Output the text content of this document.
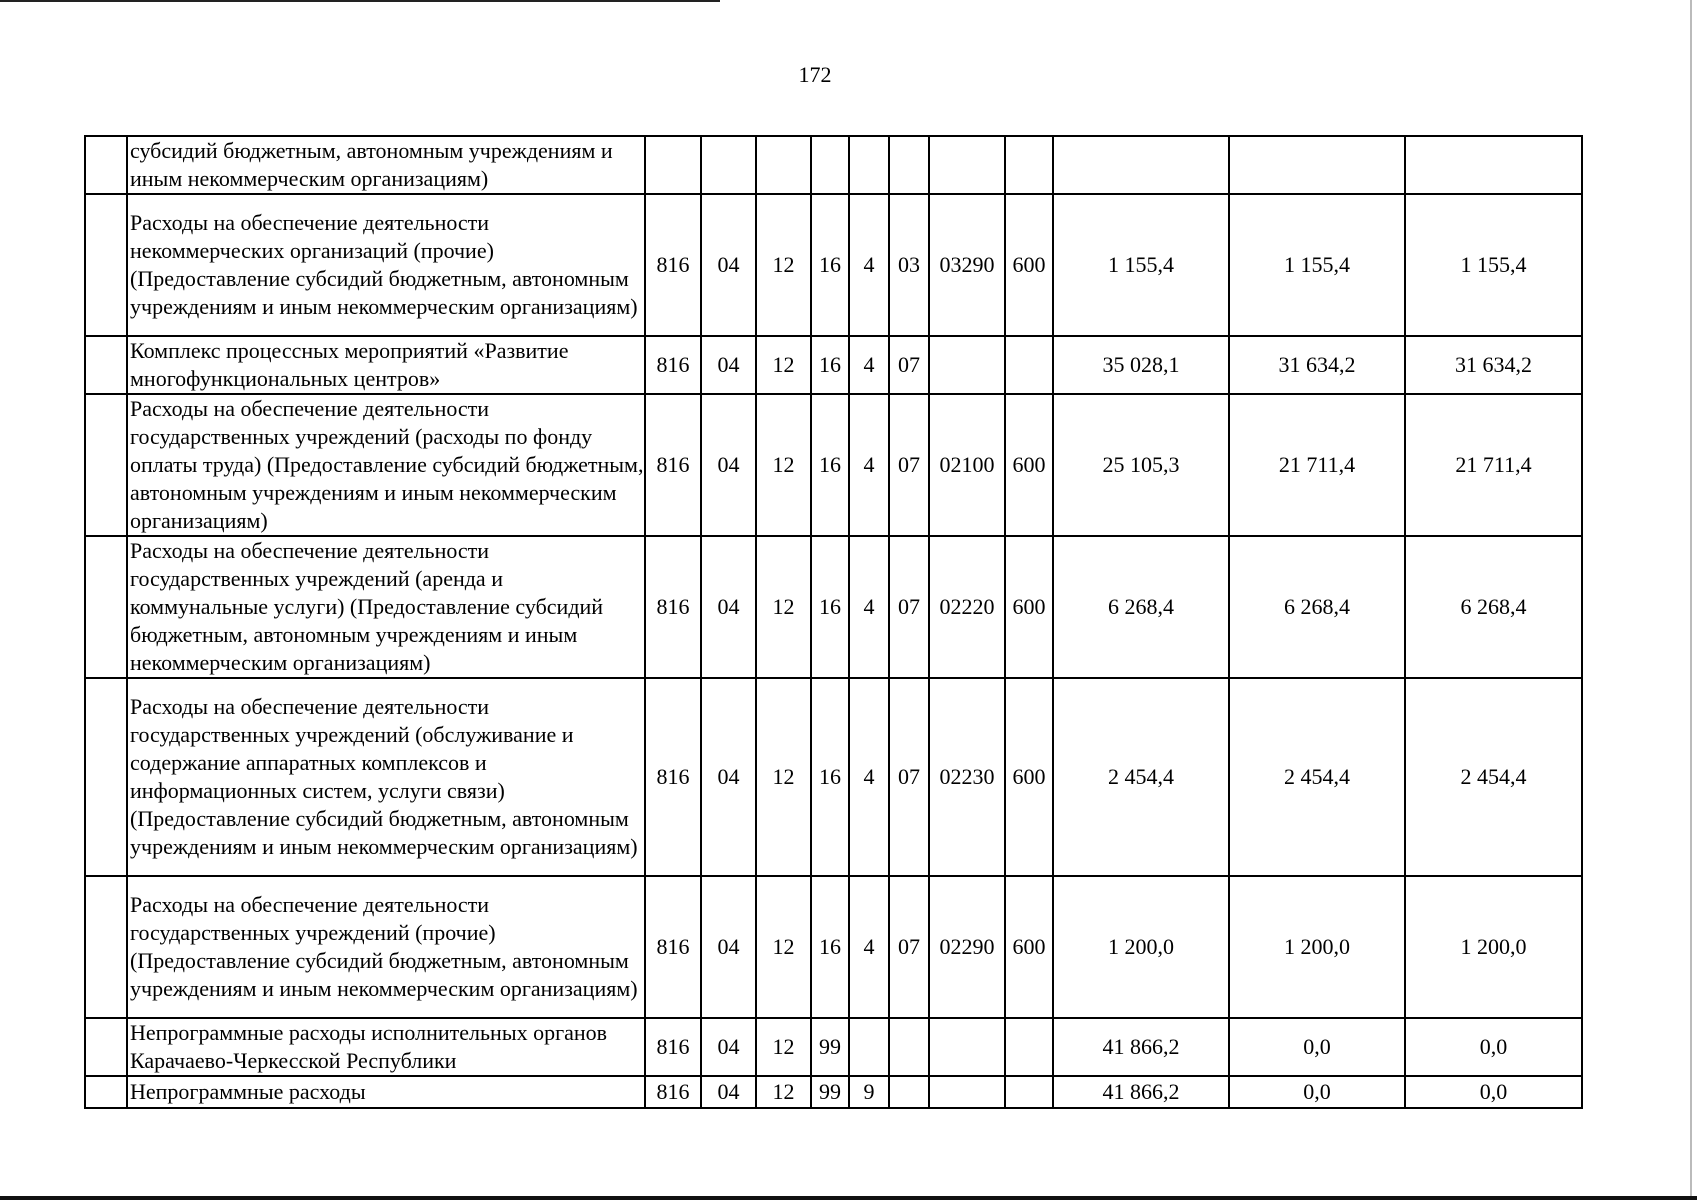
172
	субсидий бюджетным, автономным учреждениям и иным некоммерческим организациям)											
	Расходы на обеспечение деятельности некоммерческих организаций (прочие) (Предоставление субсидий бюджетным, автономным учреждениям и иным некоммерческим организациям)	816	04	12	16	4	03	03290	600	1 155,4	1 155,4	1 155,4
	Комплекс процессных мероприятий «Развитие многофункциональных центров»	816	04	12	16	4	07			35 028,1	31 634,2	31 634,2
	Расходы на обеспечение деятельности государственных учреждений (расходы по фонду оплаты труда) (Предоставление субсидий бюджетным, автономным учреждениям и иным некоммерческим организациям)	816	04	12	16	4	07	02100	600	25 105,3	21 711,4	21 711,4
	Расходы на обеспечение деятельности государственных учреждений (аренда и коммунальные услуги) (Предоставление субсидий бюджетным, автономным учреждениям и иным некоммерческим организациям)	816	04	12	16	4	07	02220	600	6 268,4	6 268,4	6 268,4
	Расходы на обеспечение деятельности государственных учреждений (обслуживание и содержание аппаратных комплексов и информационных систем, услуги связи) (Предоставление субсидий бюджетным, автономным учреждениям и иным некоммерческим организациям)	816	04	12	16	4	07	02230	600	2 454,4	2 454,4	2 454,4
	Расходы на обеспечение деятельности государственных учреждений (прочие) (Предоставление субсидий бюджетным, автономным учреждениям и иным некоммерческим организациям)	816	04	12	16	4	07	02290	600	1 200,0	1 200,0	1 200,0
	Непрограммные расходы исполнительных органов Карачаево-Черкесской Республики	816	04	12	99					41 866,2	0,0	0,0
	Непрограммные расходы	816	04	12	99	9				41 866,2	0,0	0,0
